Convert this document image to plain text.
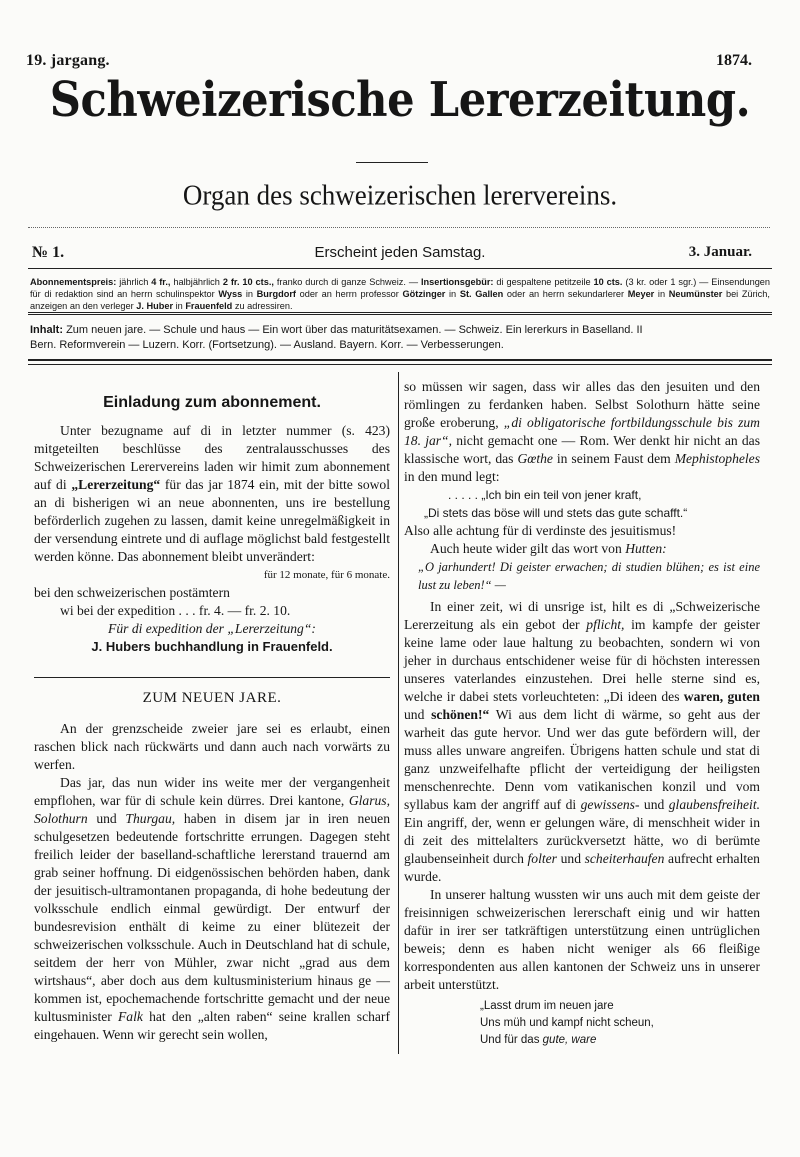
19. jargang.	1874.
Schweizerische Lererzeitung.
Organ des schweizerischen lerervereins.
№ 1.	Erscheint jeden Samstag.	3. Januar.
Abonnementspreis: jährlich 4 fr., halbjährlich 2 fr. 10 cts., franko durch di ganze Schweiz. — Insertionsgebür: di gespaltene petitzeile 10 cts. (3 kr. oder 1 sgr.) — Einsendungen für di redaktion sind an herrn schulinspektor Wyss in Burgdorf oder an herrn professor Götzinger in St. Gallen oder an herrn sekundarlerer Meyer in Neumünster bei Zürich, anzeigen an den verleger J. Huber in Frauenfeld zu adressiren.
Inhalt: Zum neuen jare. — Schule und haus — Ein wort über das maturitätsexamen. — Schweiz. Ein lererkurs in Baselland. II
Bern. Reformverein — Luzern. Korr. (Fortsetzung). — Ausland. Bayern. Korr. — Verbesserungen.
Einladung zum abonnement.

Unter bezugname auf di in letzter nummer (s. 423) mitgeteilten beschlüsse des zentralausschusses des Schweizerischen Lerervereins laden wir himit zum abonnement auf di „Lererzeitung“ für das jar 1874 ein, mit der bitte sowol an di bisherigen wi an neue abonnenten, uns ire bestellung beförderlich zugehen zu lassen, damit keine unregelmäßigkeit in der versendung eintrete und di auflage möglichst bald festgestellt werden könne. Das abonnement bleibt unverändert:

für 12 monate, für 6 monate.

bei den schweizerischen postämtern

wi bei der expedition . . . fr. 4. — fr. 2. 10.

Für di expedition der „Lererzeitung“:

J. Hubers buchhandlung in Frauenfeld.

ZUM NEUEN JARE.

An der grenzscheide zweier jare sei es erlaubt, einen raschen blick nach rückwärts und dann auch nach vorwärts zu werfen.

Das jar, das nun wider ins weite mer der vergangenheit empflohen, war für di schule kein dürres. Drei kantone, Glarus, Solothurn und Thurgau, haben in disem jar in iren neuen schulgesetzen bedeutende fortschritte errungen. Dagegen steht freilich leider der baselland-schaftliche lererstand trauernd am grab seiner hoffnung. Di eidgenössischen behörden haben, dank der jesuitisch-ultramontanen propaganda, di hohe bedeutung der volksschule endlich einmal gewürdigt. Der entwurf der bundesrevision enthält di keime zu einer blütezeit der schweizerischen volksschule. Auch in Deutschland hat di schule, seitdem der herr von Mühler, zwar nicht „grad aus dem wirtshaus“, aber doch aus dem kultusministerium hinaus ge — kommen ist, epochemachende fortschritte gemacht und der neue kultusminister Falk hat den „alten raben“ seine krallen scharf eingehauen. Wenn wir gerecht sein wollen,

so müssen wir sagen, dass wir alles das den jesuiten und den römlingen zu ferdanken haben. Selbst Solothurn hätte seine große eroberung, „di obligatorische fortbildungsschule bis zum 18. jar“, nicht gemacht one — Rom. Wer denkt hir nicht an das klassische wort, das Gœthe in seinem Faust dem Mephistopheles in den mund legt:

. . . . . „Ich bin ein teil von jener kraft,

„Di stets das böse will und stets das gute schafft.“

Also alle achtung für di verdinste des jesuitismus!

Auch heute wider gilt das wort von Hutten:

„O jarhundert! Di geister erwachen; di studien blühen; es ist eine lust zu leben!“ —

In einer zeit, wi di unsrige ist, hilt es di „Schweizerische Lererzeitung als ein gebot der pflicht, im kampfe der geister keine lame oder laue haltung zu beobachten, sondern wi von jeher in durchaus entschidener weise für di höchsten interessen unseres vaterlandes einzustehen. Drei helle sterne sind es, welche ir dabei stets vorleuchteten: „Di ideen des waren, guten und schönen!“ Wi aus dem licht di wärme, so geht aus der warheit das gute hervor. Und wer das gute befördern will, der muss alles unware angreifen. Übrigens hatten schule und stat di ganz unzweifelhafte pflicht der verteidigung der heiligsten menschenrechte. Denn vom vatikanischen konzil und vom syllabus kam der angriff auf di gewissens- und glaubensfreiheit. Ein angriff, der, wenn er gelungen wäre, di menschheit wider in di zeit des mittelalters zurückversetzt hätte, wo di berümte glaubenseinheit durch folter und scheiterhaufen aufrecht erhalten wurde.

In unserer haltung wussten wir uns auch mit dem geiste der freisinnigen schweizerischen lererschaft einig und wir hatten dafür in irer ser tatkräftigen unterstützung einen untrüglichen beweis; denn es haben nicht weniger als 66 fleißige korrespondenten aus allen kantonen der Schweiz uns in unserer arbeit unterstützt.

„Lasst drum im neuen jare
Uns müh und kampf nicht scheun,
Und für das gute, ware
